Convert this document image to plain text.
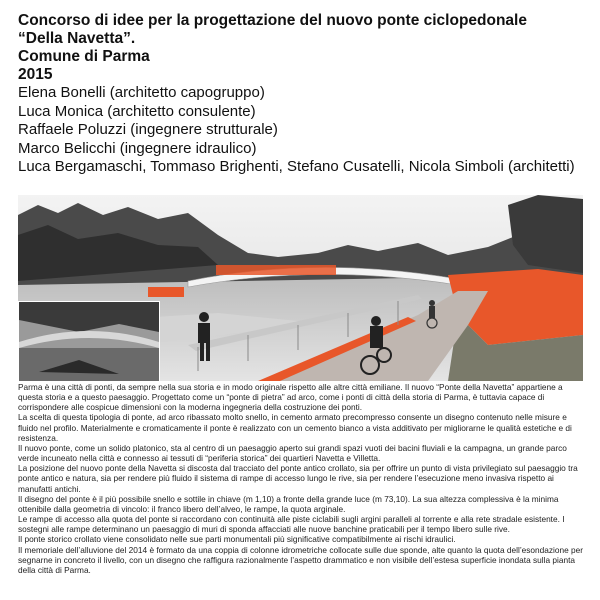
Concorso di idee per la progettazione del nuovo ponte ciclopedonale
“Della Navetta”.
Comune di Parma
2015
Elena Bonelli (architetto capogruppo)
Luca Monica (architetto consulente)
Raffaele Poluzzi (ingegnere strutturale)
Marco Belicchi (ingegnere idraulico)
Luca Bergamaschi, Tommaso Brighenti, Stefano Cusatelli, Nicola Simboli (architetti)

Parma è una città di ponti, da sempre nella sua storia e in modo originale rispetto alle altre città emiliane. Il nuovo “Ponte della Navetta” appartiene a questa storia e a questo paesaggio. Progettato come un “ponte di pietra” ad arco, come i ponti di città della storia di Parma, è tuttavia capace di corrispondere alle cospicue dimensioni con la moderna ingegneria della costruzione dei ponti.

La scelta di questa tipologia di ponte, ad arco ribassato molto snello, in cemento armato precompresso consente un disegno contenuto nelle misure e fluido nel profilo. Materialmente e cromaticamente il ponte è realizzato con un cemento bianco a vista additivato per migliorarne le qualità estetiche e di resistenza.

Il nuovo ponte, come un solido platonico, sta al centro di un paesaggio aperto sui grandi spazi vuoti dei bacini fluviali e la campagna, un grande parco verde incuneato nella città e connesso ai tessuti di “periferia storica” dei quartieri Navetta e Villetta.

La posizione del nuovo ponte della Navetta si discosta dal tracciato del ponte antico crollato, sia per offrire un punto di vista privilegiato sul paesaggio tra ponte antico e natura, sia per rendere più fluido il sistema di rampe di accesso lungo le rive, sia per rendere l’esecuzione meno invasiva rispetto ai manufatti antichi.

Il disegno del ponte è il più possibile snello e sottile in chiave (m 1,10) a fronte della grande luce (m 73,10). La sua altezza complessiva è la minima ottenibile dalla geometria di vincolo: il franco libero dell’alveo, le rampe, la quota arginale.

Le rampe di accesso alla quota del ponte si raccordano con continuità alle piste ciclabili sugli argini paralleli al torrente e alla rete stradale esistente. I sostegni alle rampe determinano un paesaggio di muri di sponda affacciati alle nuove banchine praticabili per il tempo libero sulle rive.

Il ponte storico crollato viene consolidato nelle sue parti monumentali più significative compatibilmente ai rischi idraulici.

Il memoriale dell’alluvione del 2014 è formato da una coppia di colonne idrometriche collocate sulle due sponde, alte quanto la quota dell’esondazione per segnarne in concreto il livello, con un disegno che raffigura razionalmente l’aspetto drammatico e non visibile dell’estesa superficie inondata sulla pianta della città di Parma.
